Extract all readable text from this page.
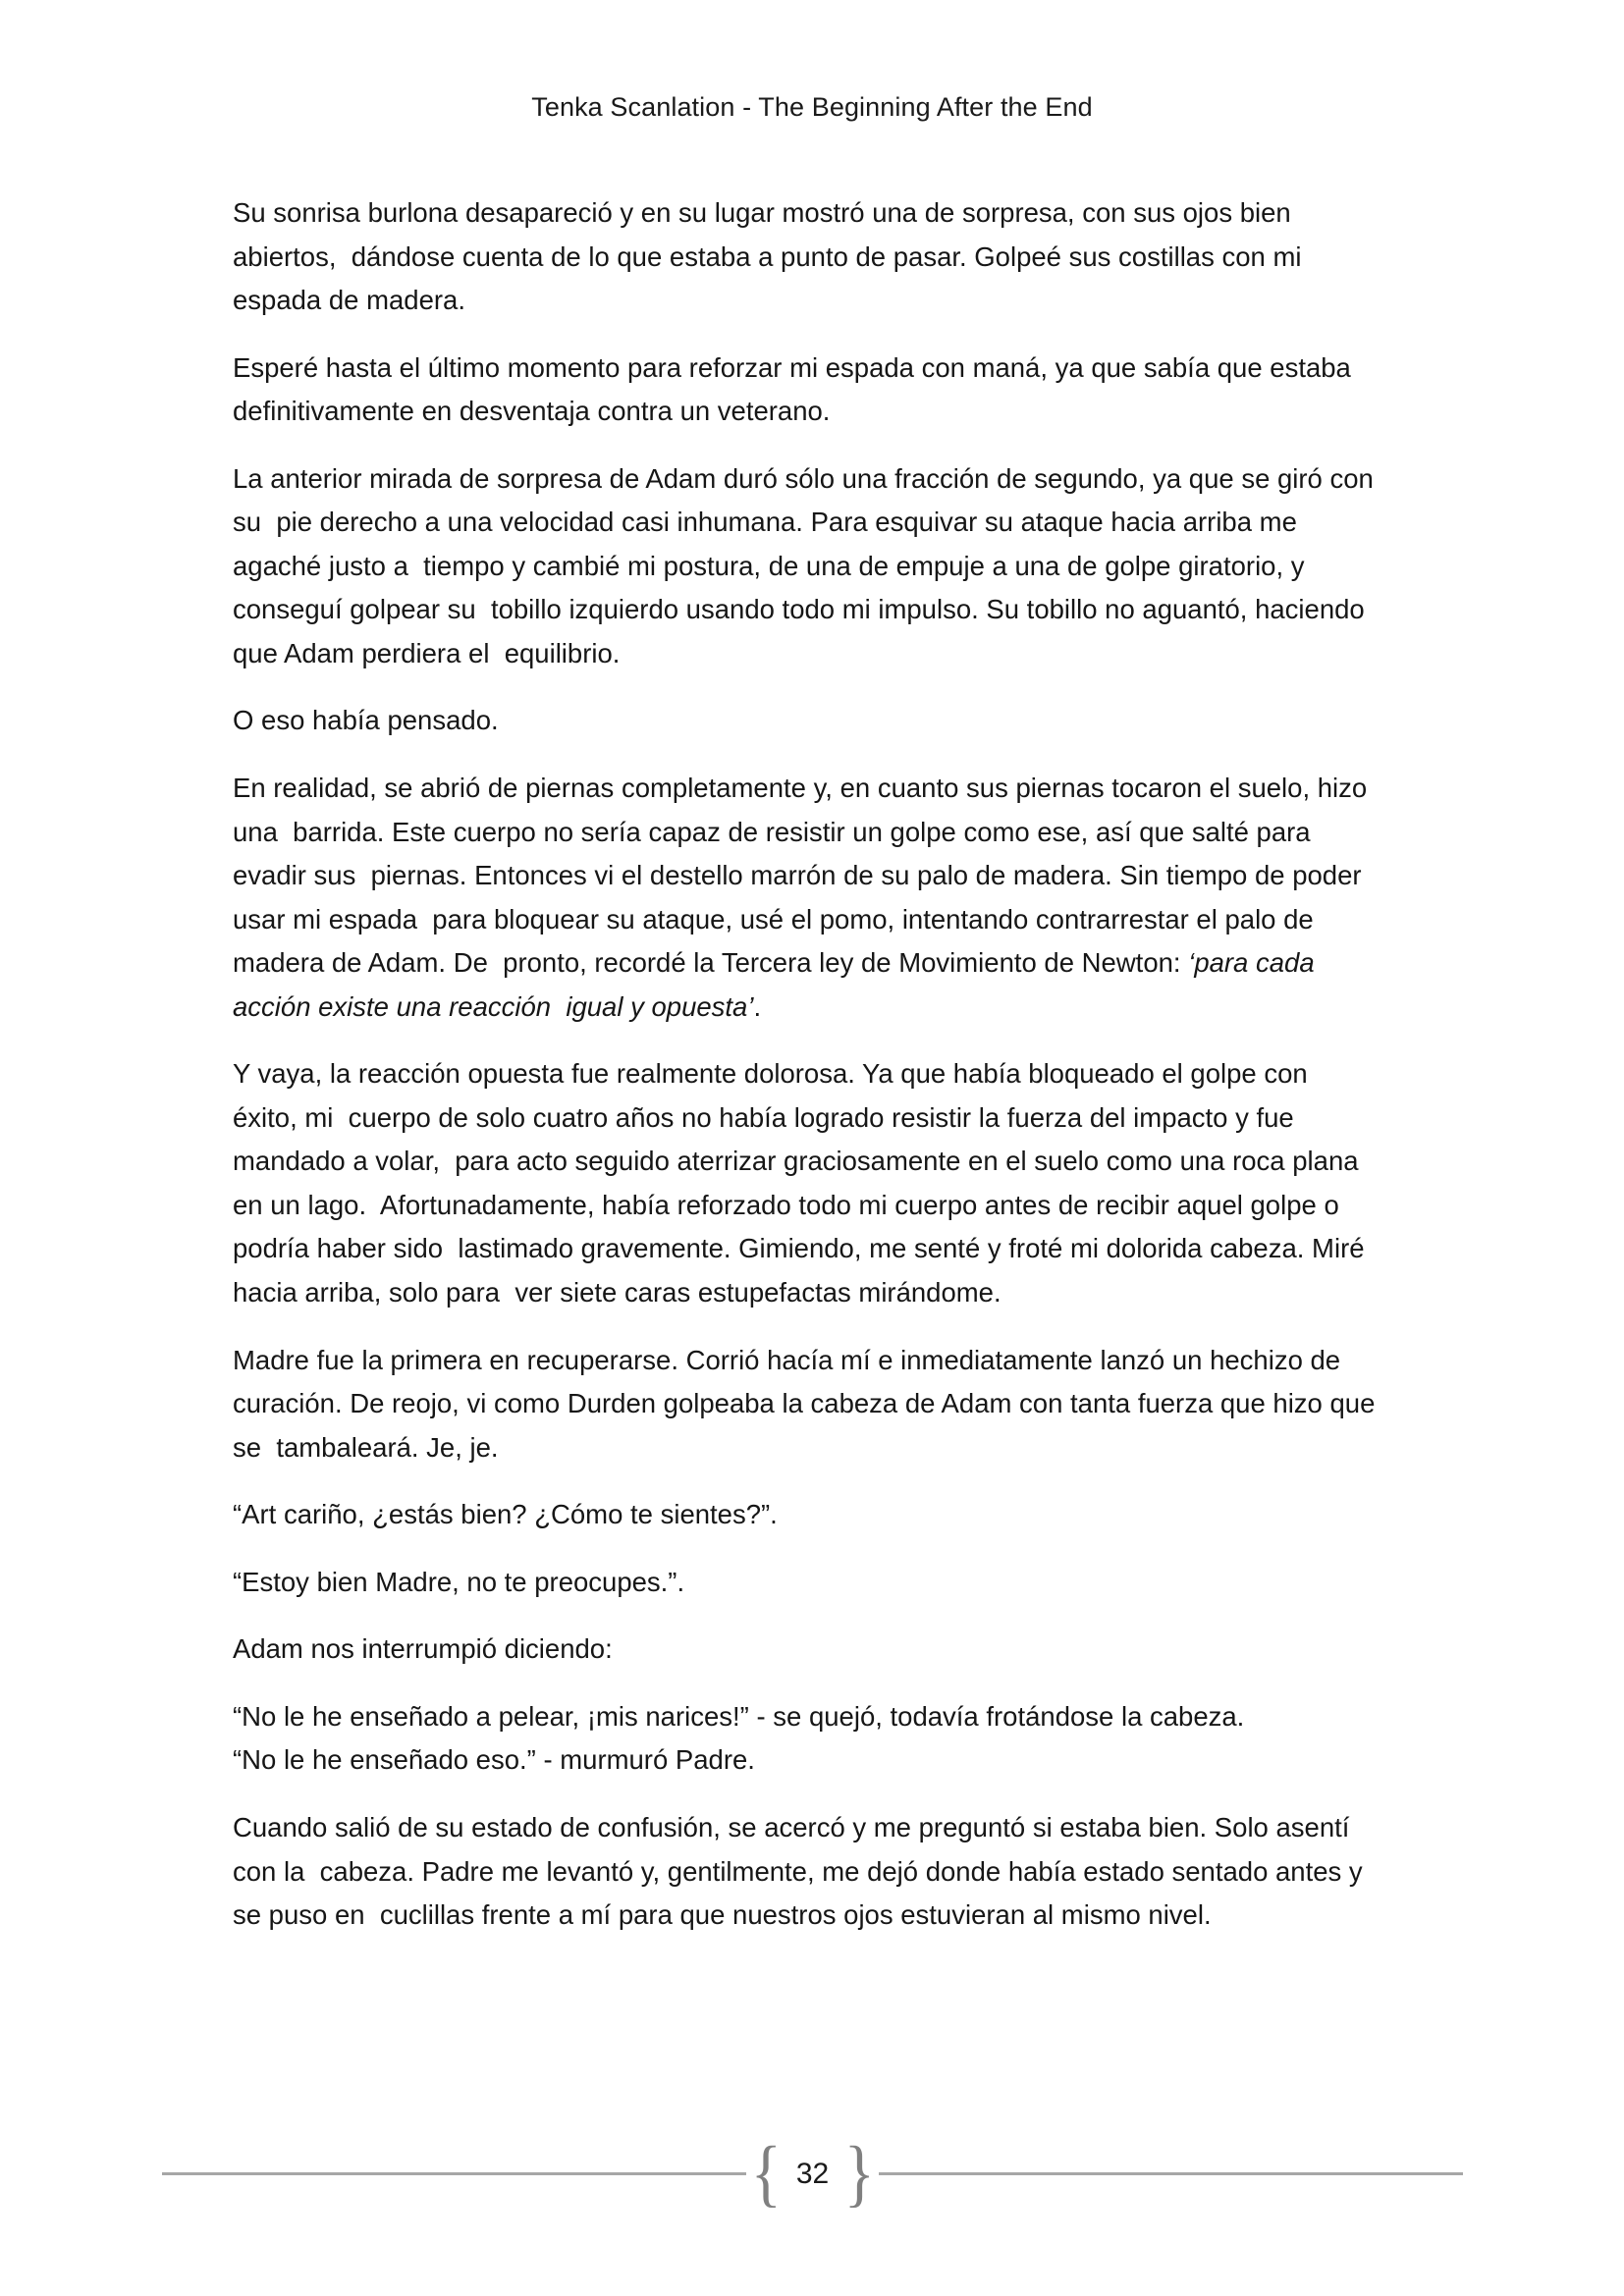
Tenka Scanlation - The Beginning After the End

Su sonrisa burlona desapareció y en su lugar mostró una de sorpresa, con sus ojos bien abiertos,  dándose cuenta de lo que estaba a punto de pasar. Golpeé sus costillas con mi espada de madera.

Esperé hasta el último momento para reforzar mi espada con maná, ya que sabía que estaba  definitivamente en desventaja contra un veterano.

La anterior mirada de sorpresa de Adam duró sólo una fracción de segundo, ya que se giró con su  pie derecho a una velocidad casi inhumana. Para esquivar su ataque hacia arriba me agaché justo a  tiempo y cambié mi postura, de una de empuje a una de golpe giratorio, y conseguí golpear su  tobillo izquierdo usando todo mi impulso. Su tobillo no aguantó, haciendo que Adam perdiera el  equilibrio.

O eso había pensado.

En realidad, se abrió de piernas completamente y, en cuanto sus piernas tocaron el suelo, hizo una  barrida. Este cuerpo no sería capaz de resistir un golpe como ese, así que salté para evadir sus  piernas. Entonces vi el destello marrón de su palo de madera. Sin tiempo de poder usar mi espada  para bloquear su ataque, usé el pomo, intentando contrarrestar el palo de madera de Adam. De  pronto, recordé la Tercera ley de Movimiento de Newton: ‘para cada acción existe una reacción  igual y opuesta’.

Y vaya, la reacción opuesta fue realmente dolorosa. Ya que había bloqueado el golpe con éxito, mi  cuerpo de solo cuatro años no había logrado resistir la fuerza del impacto y fue mandado a volar,  para acto seguido aterrizar graciosamente en el suelo como una roca plana en un lago.  Afortunadamente, había reforzado todo mi cuerpo antes de recibir aquel golpe o podría haber sido  lastimado gravemente. Gimiendo, me senté y froté mi dolorida cabeza. Miré hacia arriba, solo para  ver siete caras estupefactas mirándome.

Madre fue la primera en recuperarse. Corrió hacía mí e inmediatamente lanzó un hechizo de  curación. De reojo, vi como Durden golpeaba la cabeza de Adam con tanta fuerza que hizo que se  tambaleará. Je, je.

“Art cariño, ¿estás bien? ¿Cómo te sientes?”.

“Estoy bien Madre, no te preocupes.”.

Adam nos interrumpió diciendo:

“No le he enseñado a pelear, ¡mis narices!” - se quejó, todavía frotándose la cabeza.

“No le he enseñado eso.” - murmuró Padre.

Cuando salió de su estado de confusión, se acercó y me preguntó si estaba bien. Solo asentí con la  cabeza. Padre me levantó y, gentilmente, me dejó donde había estado sentado antes y se puso en  cuclillas frente a mí para que nuestros ojos estuvieran al mismo nivel.

{ 32 }
